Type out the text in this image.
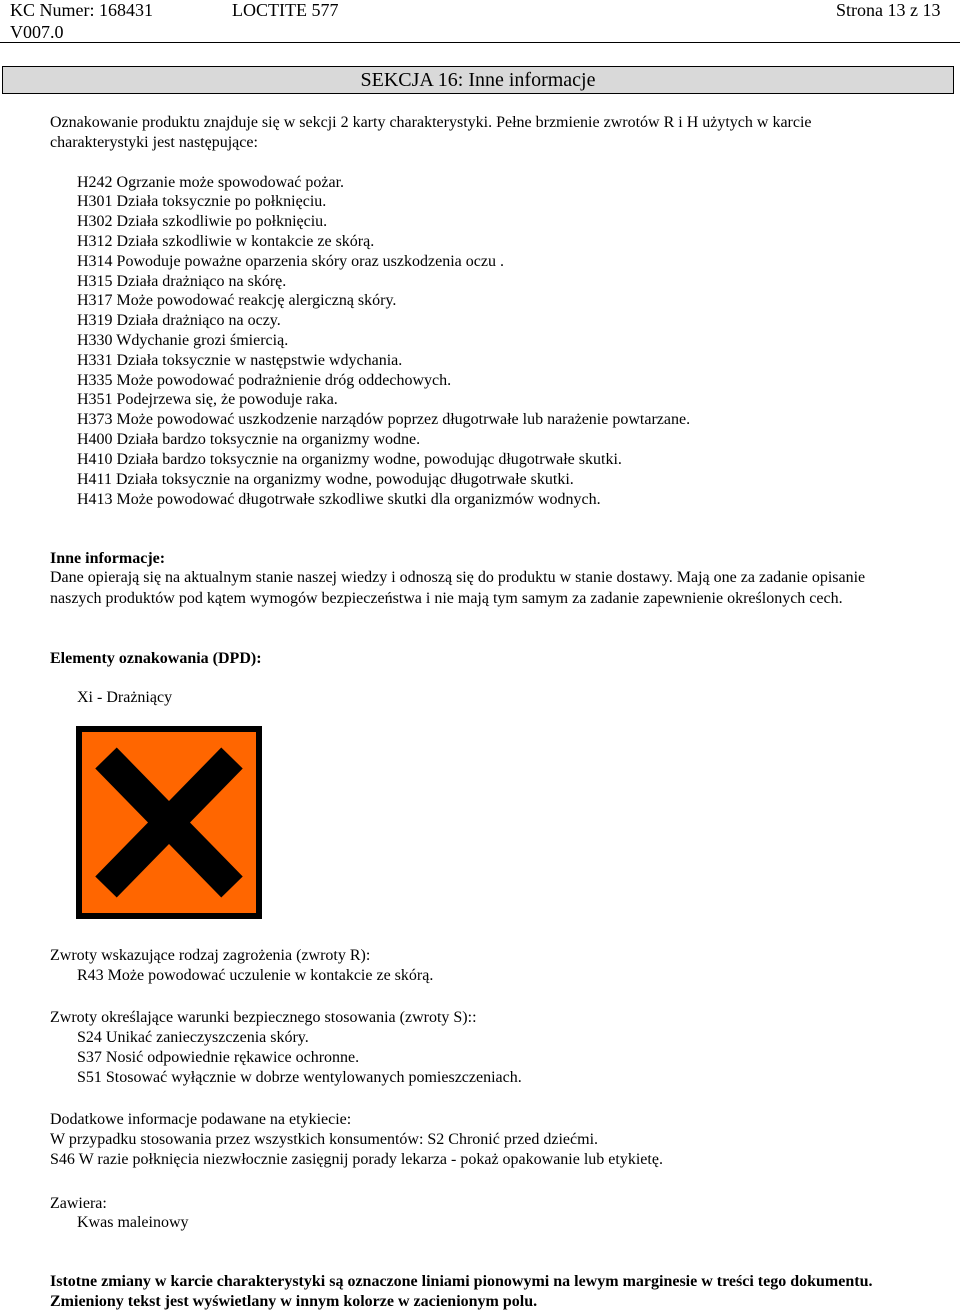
KC Numer: 168431	LOCTITE 577	Strona 13 z 13
V007.0
SEKCJA 16: Inne informacje
Oznakowanie produktu znajduje się w sekcji 2 karty charakterystyki. Pełne brzmienie zwrotów R i H użytych w karcie
charakterystyki jest następujące:
H242 Ogrzanie może spowodować pożar.
H301 Działa toksycznie po połknięciu.
H302 Działa szkodliwie po połknięciu.
H312 Działa szkodliwie w kontakcie ze skórą.
H314 Powoduje poważne oparzenia skóry oraz uszkodzenia oczu .
H315 Działa drażniąco na skórę.
H317 Może powodować reakcję alergiczną skóry.
H319 Działa drażniąco na oczy.
H330 Wdychanie grozi śmiercią.
H331 Działa toksycznie w następstwie wdychania.
H335 Może powodować podrażnienie dróg oddechowych.
H351 Podejrzewa się, że powoduje raka.
H373 Może powodować uszkodzenie narządów poprzez długotrwałe lub narażenie powtarzane.
H400 Działa bardzo toksycznie na organizmy wodne.
H410 Działa bardzo toksycznie na organizmy wodne, powodując długotrwałe skutki.
H411 Działa toksycznie na organizmy wodne, powodując długotrwałe skutki.
H413 Może powodować długotrwałe szkodliwe skutki dla organizmów wodnych.
Inne informacje:
Dane opierają się na aktualnym stanie naszej wiedzy i odnoszą się do produktu w stanie dostawy. Mają one za zadanie opisanie
naszych produktów pod kątem wymogów bezpieczeństwa i nie mają tym samym za zadanie zapewnienie określonych cech.
Elementy oznakowania (DPD):
Xi - Drażniący
Zwroty wskazujące rodzaj zagrożenia (zwroty R):
R43 Może powodować uczulenie w kontakcie ze skórą.
Zwroty określające warunki bezpiecznego stosowania (zwroty S)::
S24 Unikać zanieczyszczenia skóry.
S37 Nosić odpowiednie rękawice ochronne.
S51 Stosować wyłącznie w dobrze wentylowanych pomieszczeniach.
Dodatkowe informacje podawane na etykiecie:
W przypadku stosowania przez wszystkich konsumentów: S2 Chronić przed dziećmi.
S46 W razie połknięcia niezwłocznie zasięgnij porady lekarza - pokaż opakowanie lub etykietę.
Zawiera:
Kwas maleinowy
Istotne zmiany w karcie charakterystyki są oznaczone liniami pionowymi na lewym marginesie w treści tego dokumentu.
Zmieniony tekst jest wyświetlany w innym kolorze w zacienionym polu.
